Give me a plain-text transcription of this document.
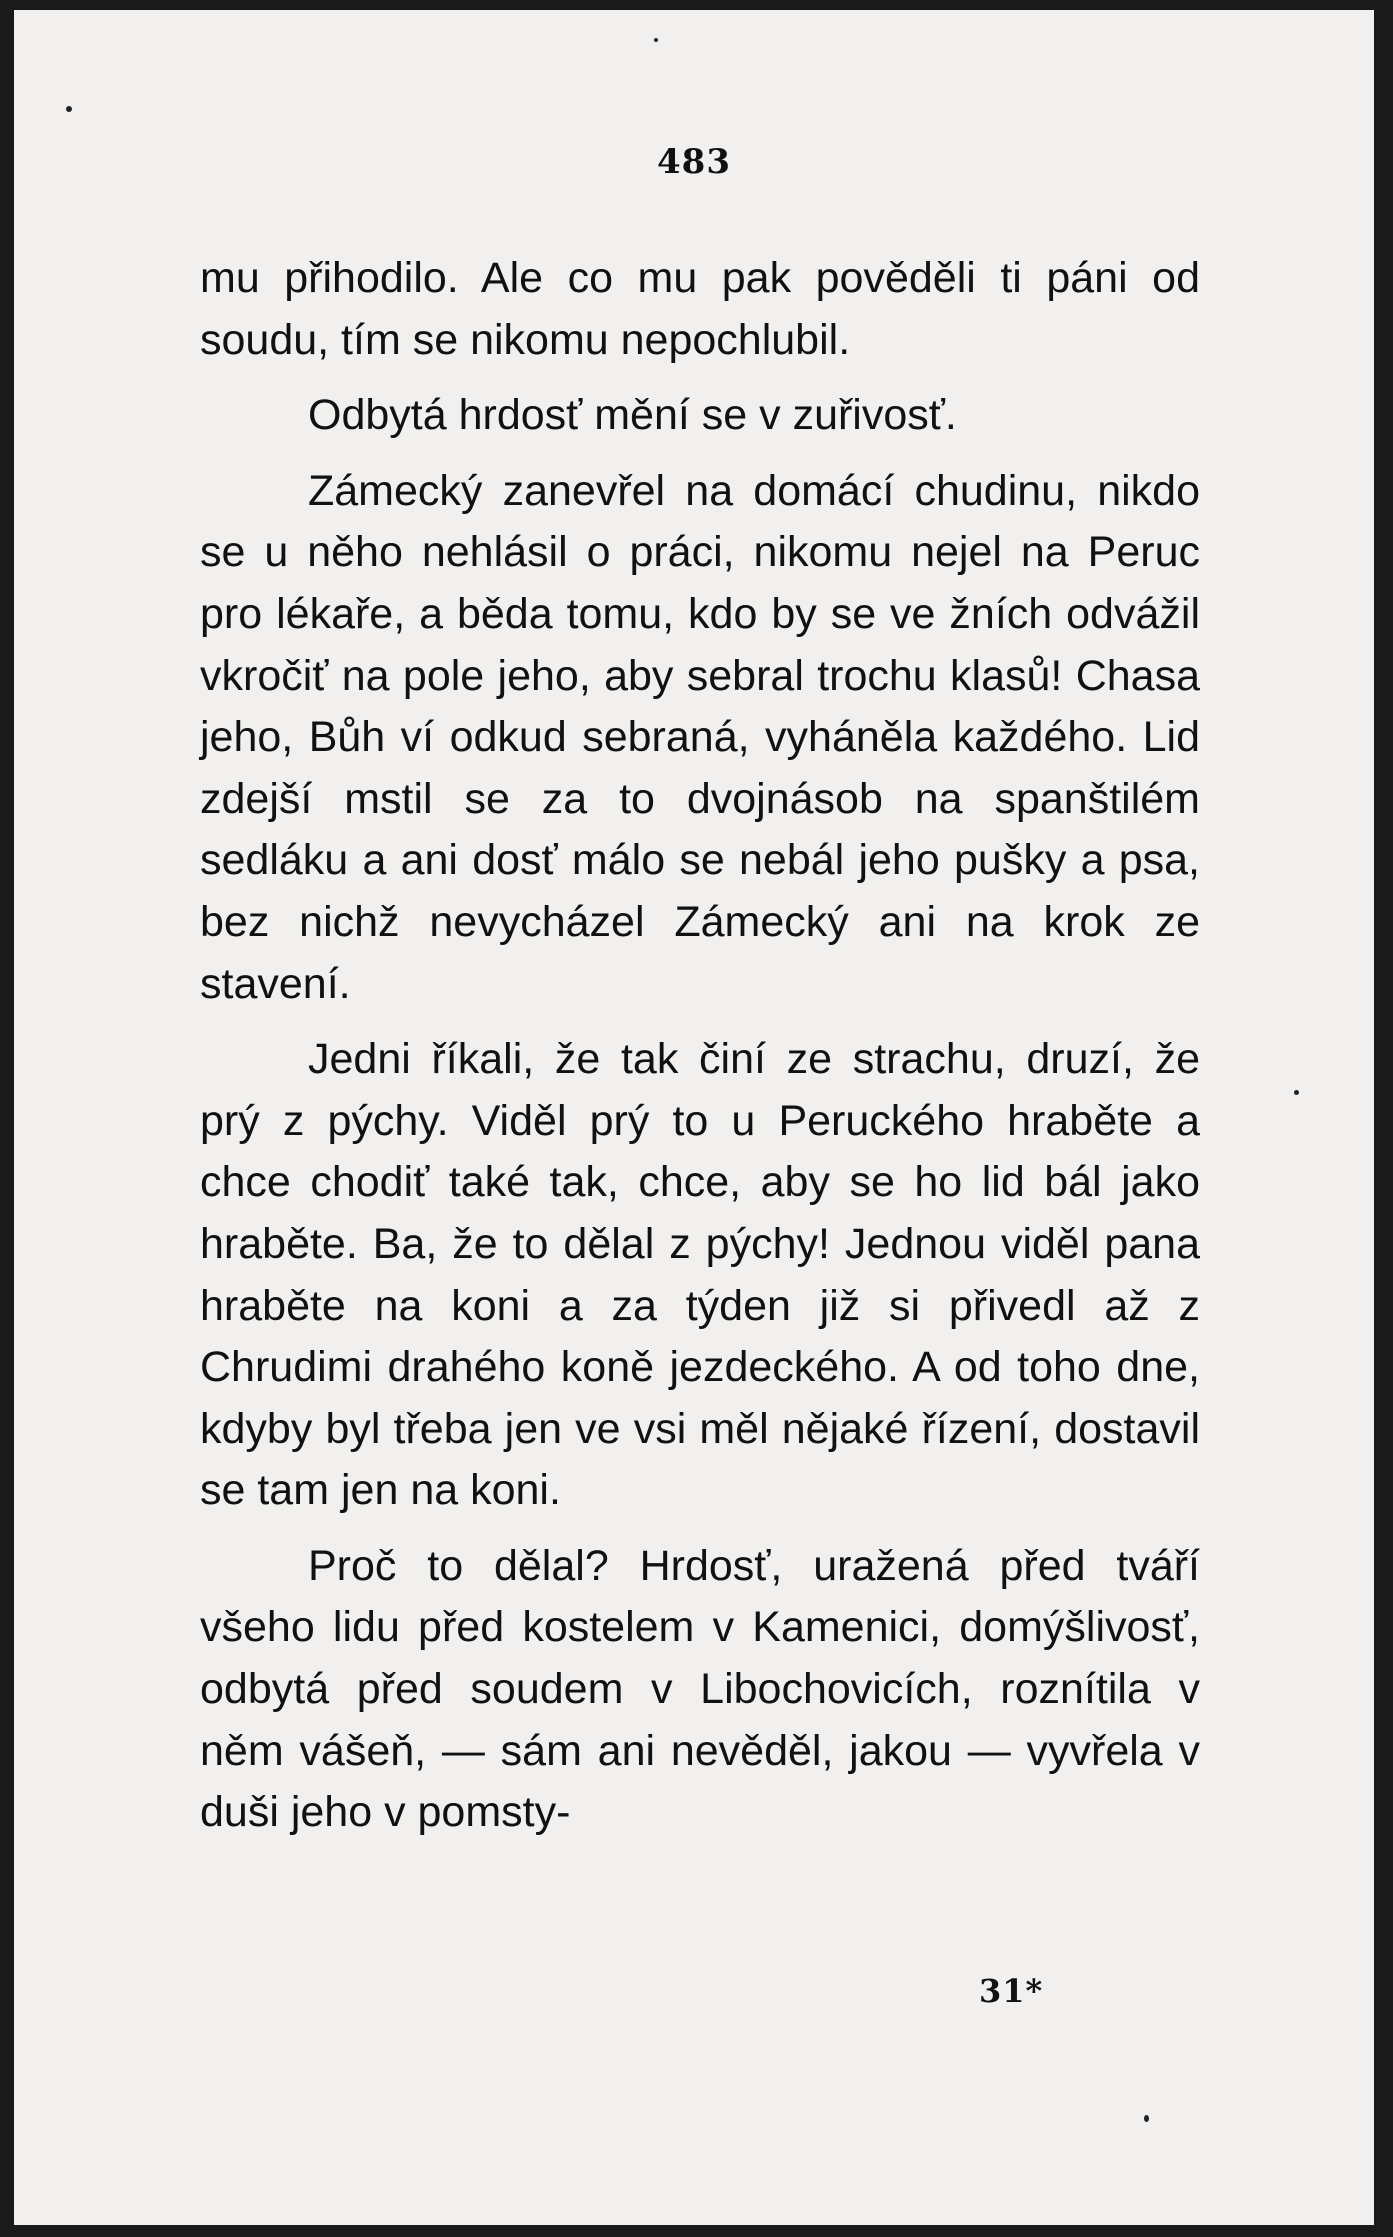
483

mu přihodilo. Ale co mu pak pověděli ti páni od soudu, tím se nikomu nepochlubil.

Odbytá hrdosť mění se v zuřivosť.

Zámecký zanevřel na domácí chudinu, nikdo se u něho nehlásil o práci, nikomu nejel na Peruc pro lékaře, a běda tomu, kdo by se ve žních odvážil vkročiť na pole jeho, aby sebral trochu klasů! Chasa jeho, Bůh ví odkud sebraná, vyháněla každého. Lid zdejší mstil se za to dvojnásob na spanštilém sedláku a ani dosť málo se nebál jeho pušky a psa, bez nichž nevycházel Zámecký ani na krok ze stavení.

Jedni říkali, že tak činí ze strachu, druzí, že prý z pýchy. Viděl prý to u Peruckého hraběte a chce chodiť také tak, chce, aby se ho lid bál jako hraběte. Ba, že to dělal z pýchy! Jednou viděl pana hraběte na koni a za týden již si přivedl až z Chrudimi drahého koně jezdeckého. A od toho dne, kdyby byl třeba jen ve vsi měl nějaké řízení, dostavil se tam jen na koni.

Proč to dělal? Hrdosť, uražená před tváří všeho lidu před kostelem v Kamenici, domýšlivosť, odbytá před soudem v Libochovicích, roznítila v něm vášeň, — sám ani nevěděl, jakou — vyvřela v duši jeho v pomsty-

31*
